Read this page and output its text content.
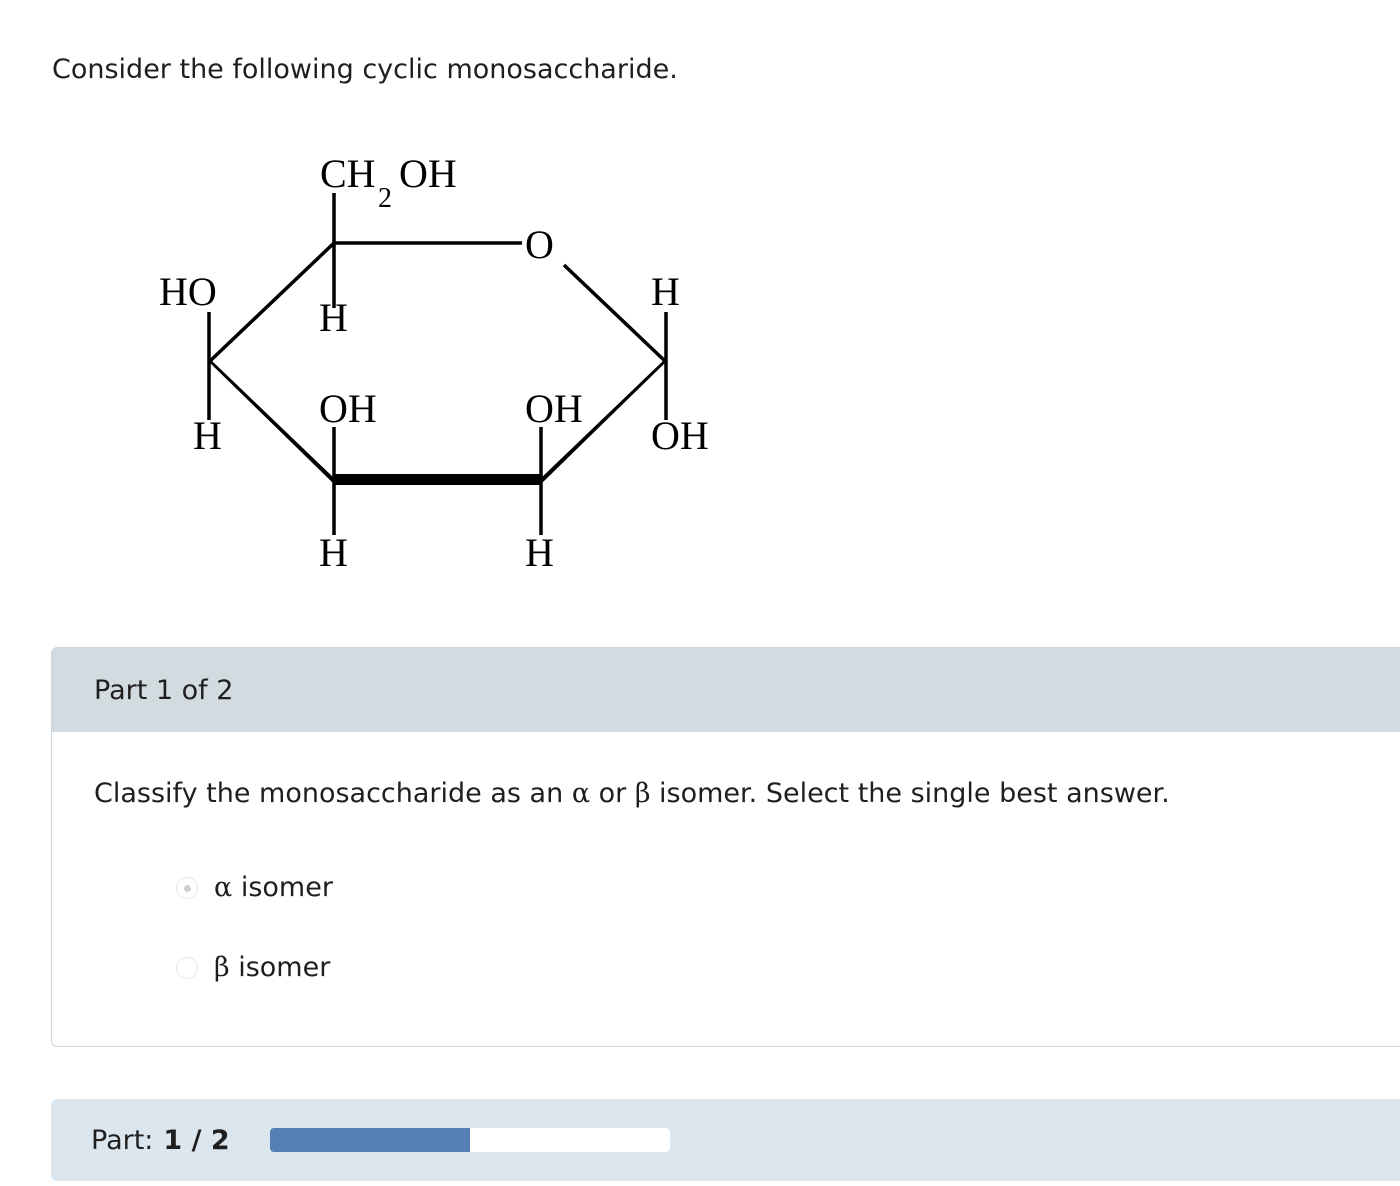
Consider the following cyclic monosaccharide.
CH
2
OH
O
HO
H
H
H
OH
OH
H
OH
H
Part 1 of 2
Classify the monosaccharide as an α or β isomer. Select the single best answer.
α isomer
β isomer
Part: 1 / 2
